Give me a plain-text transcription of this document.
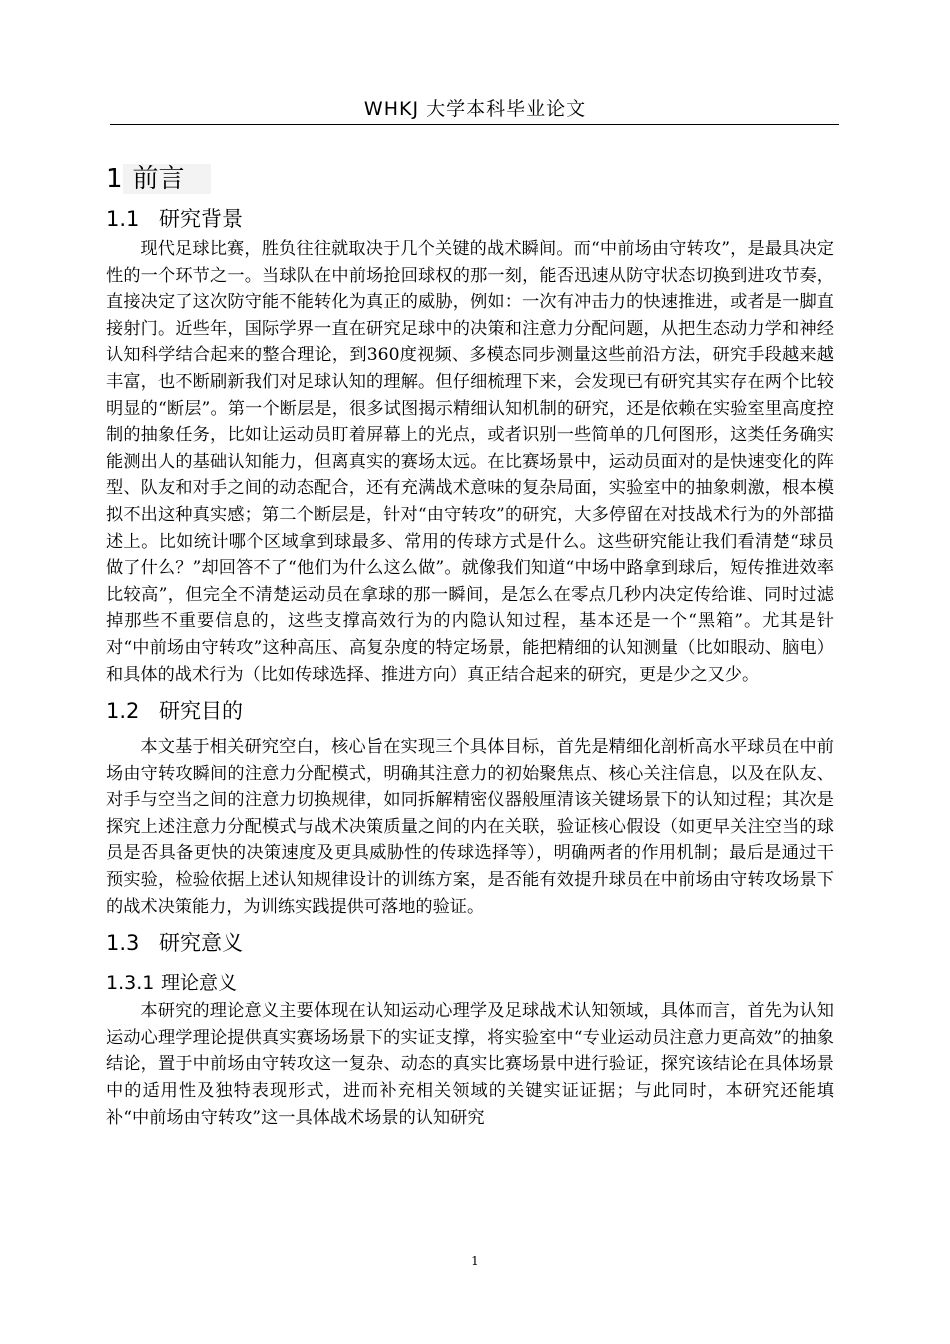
WHKJ 大学本科毕业论文
1 前言
1.1 研究背景
现代足球比赛，胜负往往就取决于几个关键的战术瞬间。而“中前场由守转攻”，是最具决定性的一个环节之一。当球队在中前场抢回球权的那一刻，能否迅速从防守状态切换到进攻节奏，直接决定了这次防守能不能转化为真正的威胁，例如：一次有冲击力的快速推进，或者是一脚直接射门。近些年，国际学界一直在研究足球中的决策和注意力分配问题，从把生态动力学和神经认知科学结合起来的整合理论，到360度视频、多模态同步测量这些前沿方法，研究手段越来越丰富，也不断刷新我们对足球认知的理解。但仔细梳理下来，会发现已有研究其实存在两个比较明显的“断层”。第一个断层是，很多试图揭示精细认知机制的研究，还是依赖在实验室里高度控制的抽象任务，比如让运动员盯着屏幕上的光点，或者识别一些简单的几何图形，这类任务确实能测出人的基础认知能力，但离真实的赛场太远。在比赛场景中，运动员面对的是快速变化的阵型、队友和对手之间的动态配合，还有充满战术意味的复杂局面，实验室中的抽象刺激，根本模拟不出这种真实感；第二个断层是，针对“由守转攻”的研究，大多停留在对技战术行为的外部描述上。比如统计哪个区域拿到球最多、常用的传球方式是什么。这些研究能让我们看清楚“球员做了什么？”却回答不了“他们为什么这么做”。就像我们知道“中场中路拿到球后，短传推进效率比较高”，但完全不清楚运动员在拿球的那一瞬间，是怎么在零点几秒内决定传给谁、同时过滤掉那些不重要信息的，这些支撑高效行为的内隐认知过程，基本还是一个“黑箱”。尤其是针对“中前场由守转攻”这种高压、高复杂度的特定场景，能把精细的认知测量（比如眼动、脑电）和具体的战术行为（比如传球选择、推进方向）真正结合起来的研究，更是少之又少。
1.2 研究目的
本文基于相关研究空白，核心旨在实现三个具体目标，首先是精细化剖析高水平球员在中前场由守转攻瞬间的注意力分配模式，明确其注意力的初始聚焦点、核心关注信息，以及在队友、对手与空当之间的注意力切换规律，如同拆解精密仪器般厘清该关键场景下的认知过程；其次是探究上述注意力分配模式与战术决策质量之间的内在关联，验证核心假设（如更早关注空当的球员是否具备更快的决策速度及更具威胁性的传球选择等），明确两者的作用机制；最后是通过干预实验，检验依据上述认知规律设计的训练方案，是否能有效提升球员在中前场由守转攻场景下的战术决策能力，为训练实践提供可落地的验证。
1.3 研究意义
1.3.1 理论意义
本研究的理论意义主要体现在认知运动心理学及足球战术认知领域，具体而言，首先为认知运动心理学理论提供真实赛场场景下的实证支撑，将实验室中“专业运动员注意力更高效”的抽象结论，置于中前场由守转攻这一复杂、动态的真实比赛场景中进行验证，探究该结论在具体场景中的适用性及独特表现形式，进而补充相关领域的关键实证证据；与此同时，本研究还能填补“中前场由守转攻”这一具体战术场景的认知研究
1
